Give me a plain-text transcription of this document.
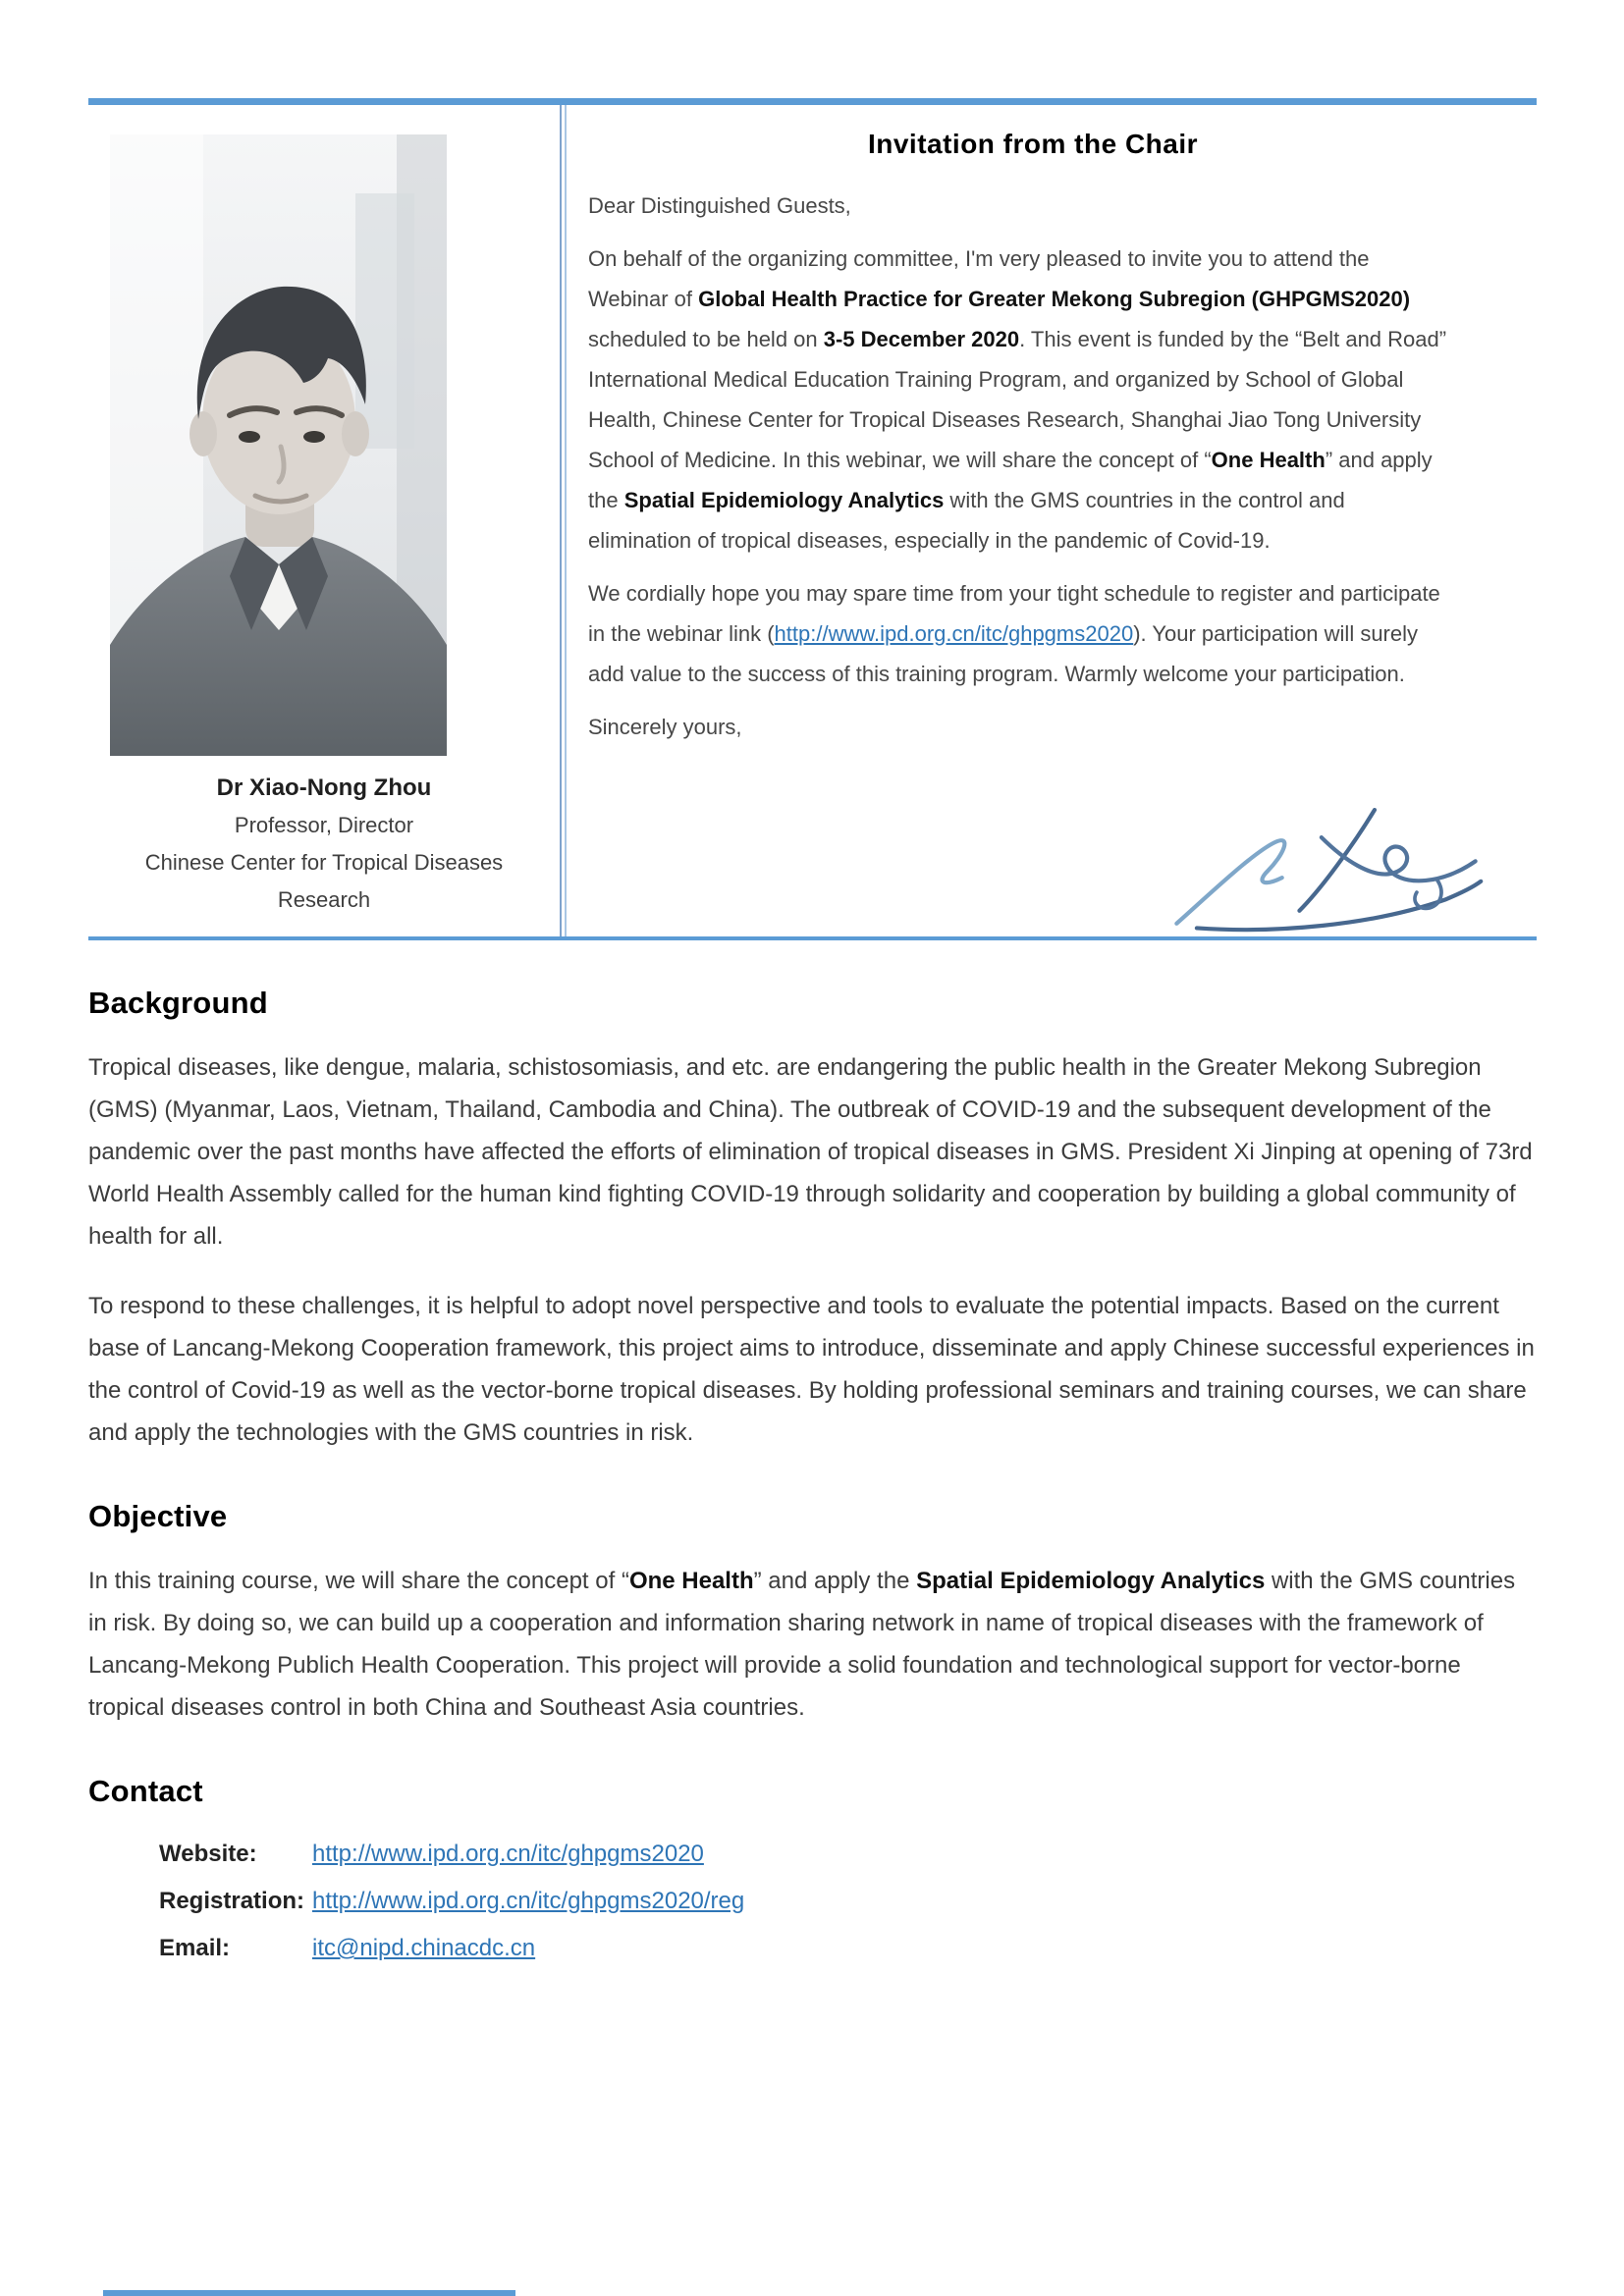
Dr Xiao-Nong Zhou
Professor, Director
Chinese Center for Tropical Diseases Research
Invitation from the Chair

Dear Distinguished Guests,

On behalf of the organizing committee, I'm very pleased to invite you to attend the Webinar of Global Health Practice for Greater Mekong Subregion (GHPGMS2020) scheduled to be held on 3-5 December 2020. This event is funded by the “Belt and Road” International Medical Education Training Program, and organized by School of Global Health, Chinese Center for Tropical Diseases Research, Shanghai Jiao Tong University School of Medicine. In this webinar, we will share the concept of “One Health” and apply the Spatial Epidemiology Analytics with the GMS countries in the control and elimination of tropical diseases, especially in the pandemic of Covid-19.

We cordially hope you may spare time from your tight schedule to register and participate in the webinar link (http://www.ipd.org.cn/itc/ghpgms2020). Your participation will surely add value to the success of this training program. Warmly welcome your participation.

Sincerely yours,

Background

Tropical diseases, like dengue, malaria, schistosomiasis, and etc. are endangering the public health in the Greater Mekong Subregion (GMS) (Myanmar, Laos, Vietnam, Thailand, Cambodia and China). The outbreak of COVID-19 and the subsequent development of the pandemic over the past months have affected the efforts of elimination of tropical diseases in GMS. President Xi Jinping at opening of 73rd World Health Assembly called for the human kind fighting COVID-19 through solidarity and cooperation by building a global community of health for all.

To respond to these challenges, it is helpful to adopt novel perspective and tools to evaluate the potential impacts. Based on the current base of Lancang-Mekong Cooperation framework, this project aims to introduce, disseminate and apply Chinese successful experiences in the control of Covid-19 as well as the vector-borne tropical diseases. By holding professional seminars and training courses, we can share and apply the technologies with the GMS countries in risk.

Objective

In this training course, we will share the concept of “One Health” and apply the Spatial Epidemiology Analytics with the GMS countries in risk. By doing so, we can build up a cooperation and information sharing network in name of tropical diseases with the framework of Lancang-Mekong Publich Health Cooperation. This project will provide a solid foundation and technological support for vector-borne tropical diseases control in both China and Southeast Asia countries.

Contact
Website:	http://www.ipd.org.cn/itc/ghpgms2020
Registration: http://www.ipd.org.cn/itc/ghpgms2020/reg
Email:	itc@nipd.chinacdc.cn
